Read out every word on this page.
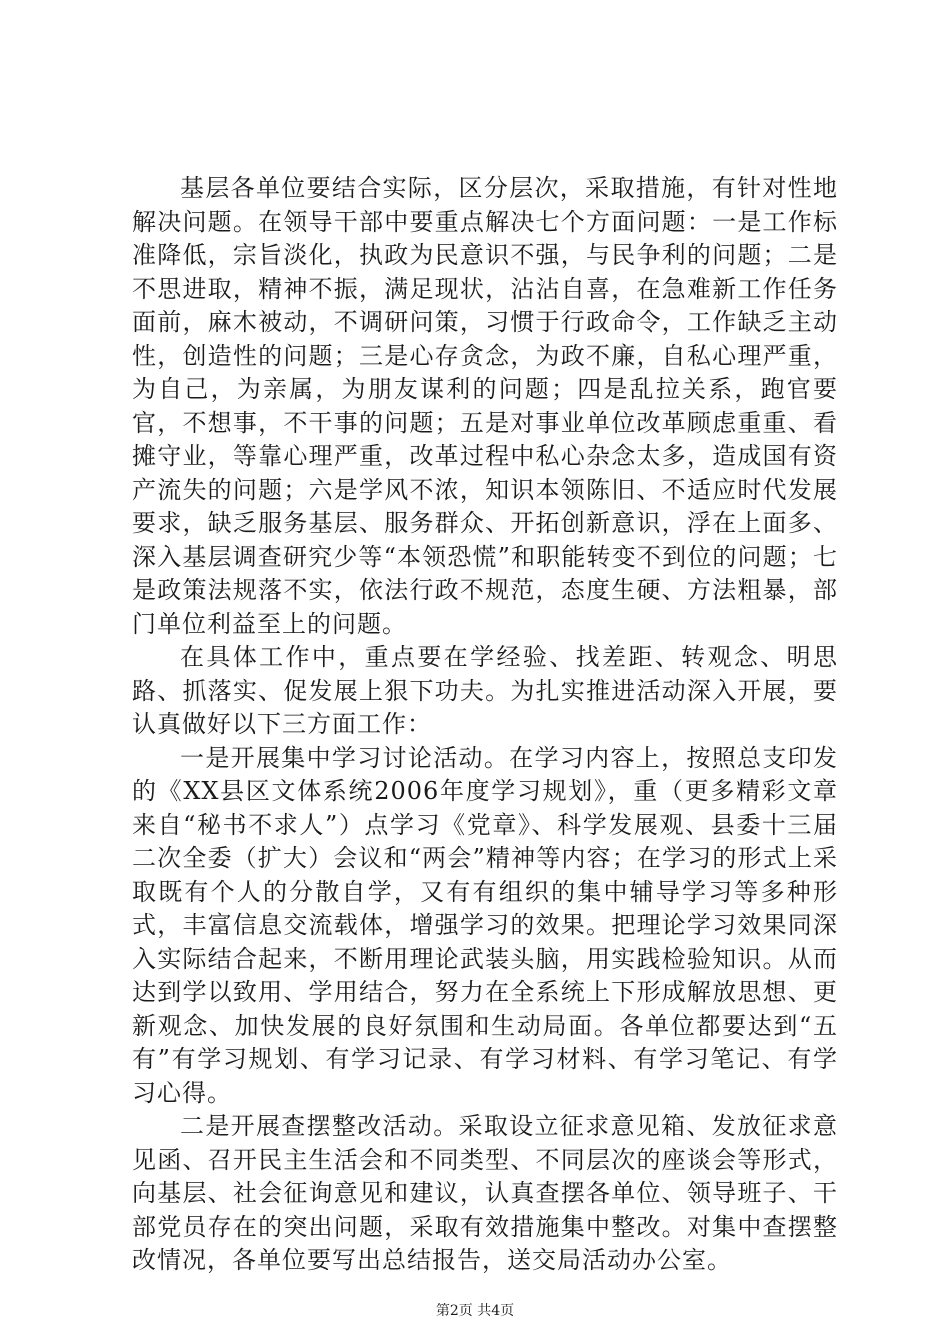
基层各单位要结合实际，区分层次，采取措施，有针对性地解决问题。在领导干部中要重点解决七个方面问题：一是工作标准降低，宗旨淡化，执政为民意识不强，与民争利的问题；二是不思进取，精神不振，满足现状，沾沾自喜，在急难新工作任务面前，麻木被动，不调研问策，习惯于行政命令，工作缺乏主动性，创造性的问题；三是心存贪念，为政不廉，自私心理严重，为自己，为亲属，为朋友谋利的问题；四是乱拉关系，跑官要官，不想事，不干事的问题；五是对事业单位改革顾虑重重、看摊守业，等靠心理严重，改革过程中私心杂念太多，造成国有资产流失的问题；六是学风不浓，知识本领陈旧、不适应时代发展要求，缺乏服务基层、服务群众、开拓创新意识，浮在上面多、深入基层调查研究少等“本领恐慌”和职能转变不到位的问题；七是政策法规落不实，依法行政不规范，态度生硬、方法粗暴，部门单位利益至上的问题。

在具体工作中，重点要在学经验、找差距、转观念、明思路、抓落实、促发展上狠下功夫。为扎实推进活动深入开展，要认真做好以下三方面工作：

一是开展集中学习讨论活动。在学习内容上，按照总支印发的《XX县区文体系统2006年度学习规划》，重（更多精彩文章来自“秘书不求人”）点学习《党章》、科学发展观、县委十三届二次全委（扩大）会议和“两会”精神等内容；在学习的形式上采取既有个人的分散自学，又有有组织的集中辅导学习等多种形式，丰富信息交流载体，增强学习的效果。把理论学习效果同深入实际结合起来，不断用理论武装头脑，用实践检验知识。从而达到学以致用、学用结合，努力在全系统上下形成解放思想、更新观念、加快发展的良好氛围和生动局面。各单位都要达到“五有”有学习规划、有学习记录、有学习材料、有学习笔记、有学习心得。

二是开展查摆整改活动。采取设立征求意见箱、发放征求意见函、召开民主生活会和不同类型、不同层次的座谈会等形式，向基层、社会征询意见和建议，认真查摆各单位、领导班子、干部党员存在的突出问题，采取有效措施集中整改。对集中查摆整改情况，各单位要写出总结报告，送交局活动办公室。

第2页 共4页
